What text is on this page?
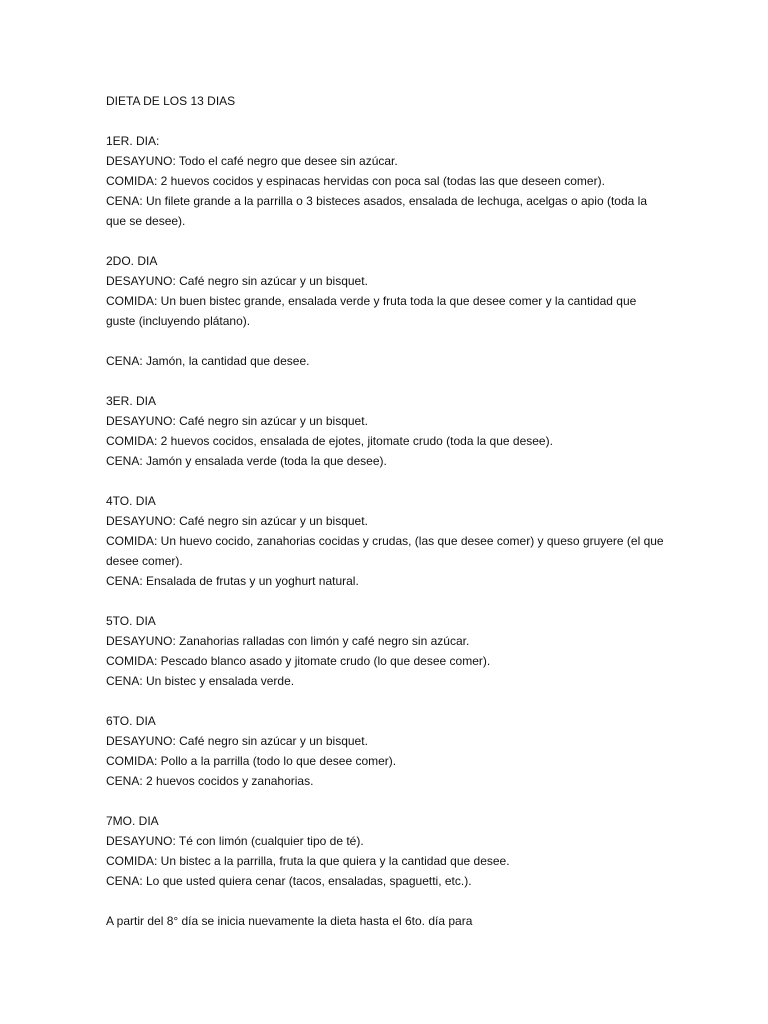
DIETA DE LOS 13 DIAS
1ER. DIA:
DESAYUNO: Todo el café negro que desee sin azúcar.
COMIDA: 2 huevos cocidos y espinacas hervidas con poca sal (todas las que deseen comer).
CENA: Un filete grande a la parrilla o 3 bisteces asados, ensalada de lechuga, acelgas o apio (toda la que se desee).
2DO. DIA
DESAYUNO: Café negro sin azúcar y un bisquet.
COMIDA: Un buen bistec grande, ensalada verde y fruta toda la que desee comer y la cantidad que guste (incluyendo plátano).
CENA: Jamón, la cantidad que desee.
3ER. DIA
DESAYUNO: Café negro sin azúcar y un bisquet.
COMIDA: 2 huevos cocidos, ensalada de ejotes, jitomate crudo (toda la que desee).
CENA: Jamón y ensalada verde (toda la que desee).
4TO. DIA
DESAYUNO: Café negro sin azúcar y un bisquet.
COMIDA: Un huevo cocido, zanahorias cocidas y crudas, (las que desee comer) y queso gruyere (el que desee comer).
CENA: Ensalada de frutas y un yoghurt natural.
5TO. DIA
DESAYUNO: Zanahorias ralladas con limón y café negro sin azúcar.
COMIDA: Pescado blanco asado y jitomate crudo (lo que desee comer).
CENA: Un bistec y ensalada verde.
6TO. DIA
DESAYUNO: Café negro sin azúcar y un bisquet.
COMIDA: Pollo a la parrilla (todo lo que desee comer).
CENA: 2 huevos cocidos y zanahorias.
7MO. DIA
DESAYUNO: Té con limón (cualquier tipo de té).
COMIDA: Un bistec a la parrilla, fruta la que quiera y la cantidad que desee.
CENA: Lo que usted quiera cenar (tacos, ensaladas, spaguetti, etc.).
A partir del 8° día se inicia nuevamente la dieta hasta el 6to. día para
